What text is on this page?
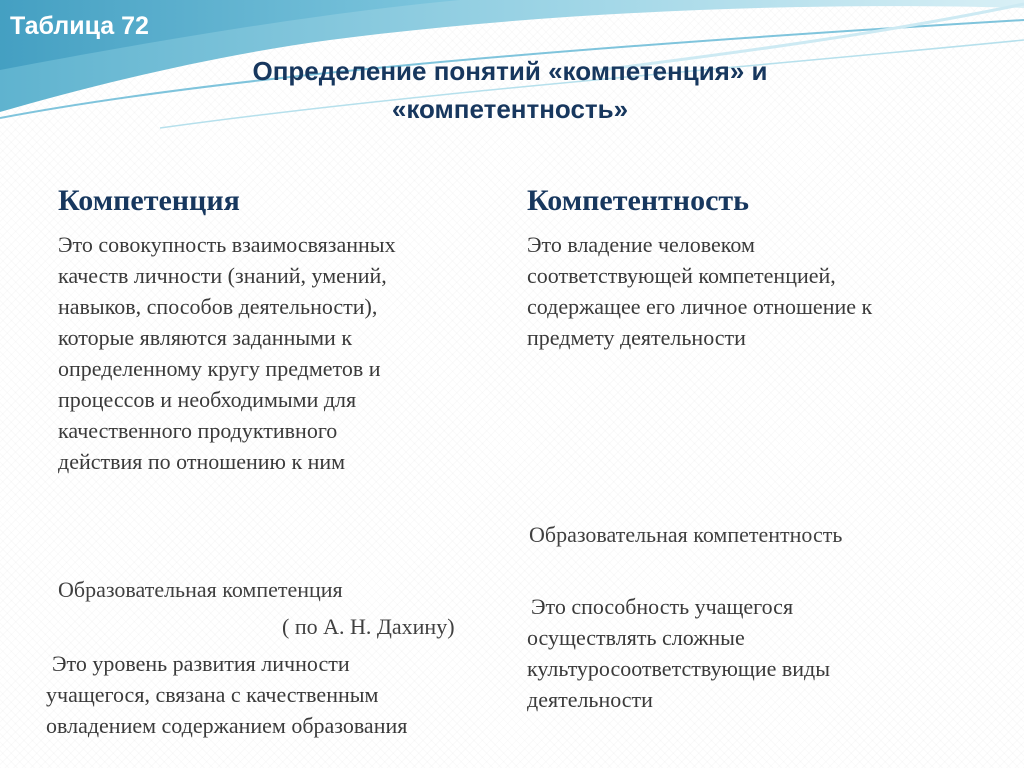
Таблица 72
Определение понятий «компетенция» и
«компетентность»
Компетенция
Это совокупность взаимосвязанных
качеств личности (знаний, умений,
навыков, способов деятельности),
которые являются заданными к
определенному кругу предметов и
процессов и необходимыми для
качественного продуктивного
действия по отношению к ним
Образовательная компетенция
( по А. Н. Дахину)
Это уровень развития личности
учащегося, связана с качественным
овладением содержанием образования
Компетентность
Это владение человеком
соответствующей компетенцией,
содержащее его личное отношение к
предмету деятельности
Образовательная компетентность
Это способность учащегося
осуществлять сложные
культуросоответствующие виды
деятельности
